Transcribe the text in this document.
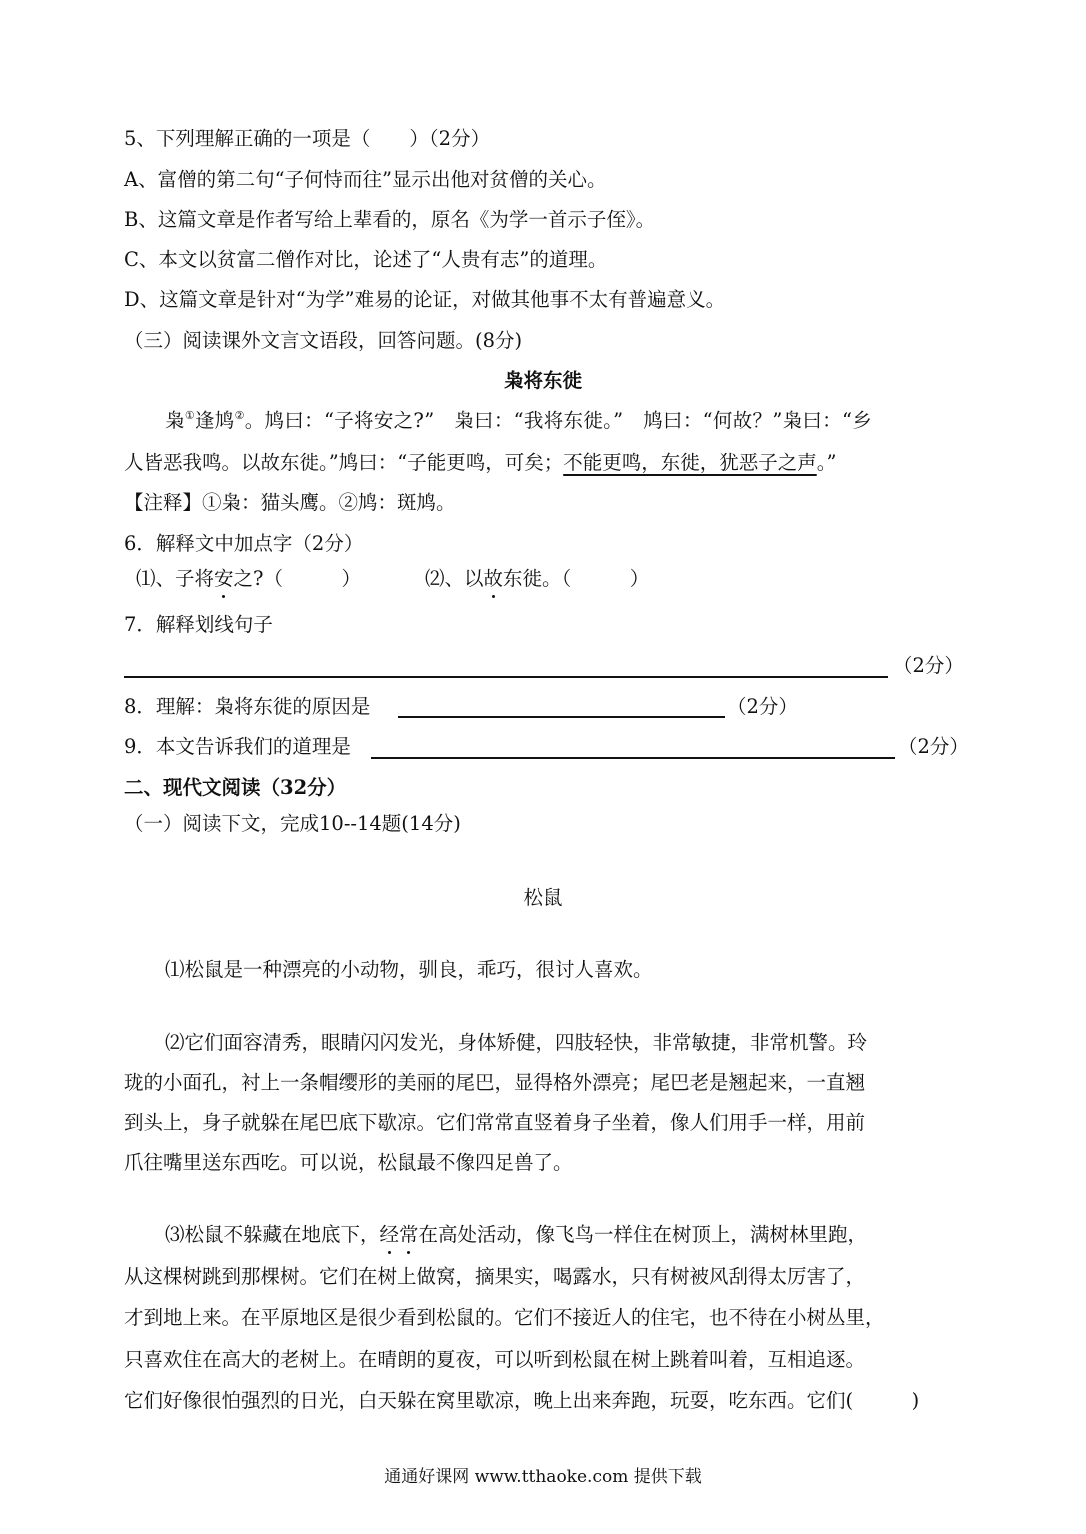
5、下列理解正确的一项是（　　）（2分）
A、富僧的第二句“子何恃而往”显示出他对贫僧的关心。
B、这篇文章是作者写给上辈看的，原名《为学一首示子侄》。
C、本文以贫富二僧作对比，论述了“人贵有志”的道理。
D、这篇文章是针对“为学”难易的论证，对做其他事不太有普遍意义。
（三）阅读课外文言文语段，回答问题。(8分)
枭将东徙
枭①逢鸠②。鸠曰：“子将安之?”　枭曰：“我将东徙。”　鸠曰：“何故？”枭曰：“乡
人皆恶我鸣。以故东徙。”鸠曰：“子能更鸣，可矣；不能更鸣，东徙，犹恶子之声。”
【注释】①枭：猫头鹰。②鸠：斑鸠。
6．解释文中加点字（2分）
⑴、子将安之?（　　　）	⑵、以故东徙。（　　　）
7．解释划线句子
（2分）
8．理解：枭将东徙的原因是	（2分）
9．本文告诉我们的道理是	（2分）
二、现代文阅读（32分）
（一）阅读下文，完成10--14题(14分)
松鼠
⑴松鼠是一种漂亮的小动物，驯良，乖巧，很讨人喜欢。
⑵它们面容清秀，眼睛闪闪发光，身体矫健，四肢轻快，非常敏捷，非常机警。玲
珑的小面孔，衬上一条帽缨形的美丽的尾巴，显得格外漂亮；尾巴老是翘起来，一直翘
到头上，身子就躲在尾巴底下歇凉。它们常常直竖着身子坐着，像人们用手一样，用前
爪往嘴里送东西吃。可以说，松鼠最不像四足兽了。
⑶松鼠不躲藏在地底下，经常在高处活动，像飞鸟一样住在树顶上，满树林里跑，
从这棵树跳到那棵树。它们在树上做窝，摘果实，喝露水，只有树被风刮得太厉害了，
才到地上来。在平原地区是很少看到松鼠的。它们不接近人的住宅，也不待在小树丛里，
只喜欢住在高大的老树上。在晴朗的夏夜，可以听到松鼠在树上跳着叫着，互相追逐。
它们好像很怕强烈的日光，白天躲在窝里歇凉，晚上出来奔跑，玩耍，吃东西。它们(　　　)
通通好课网 www.tthaoke.com 提供下载
